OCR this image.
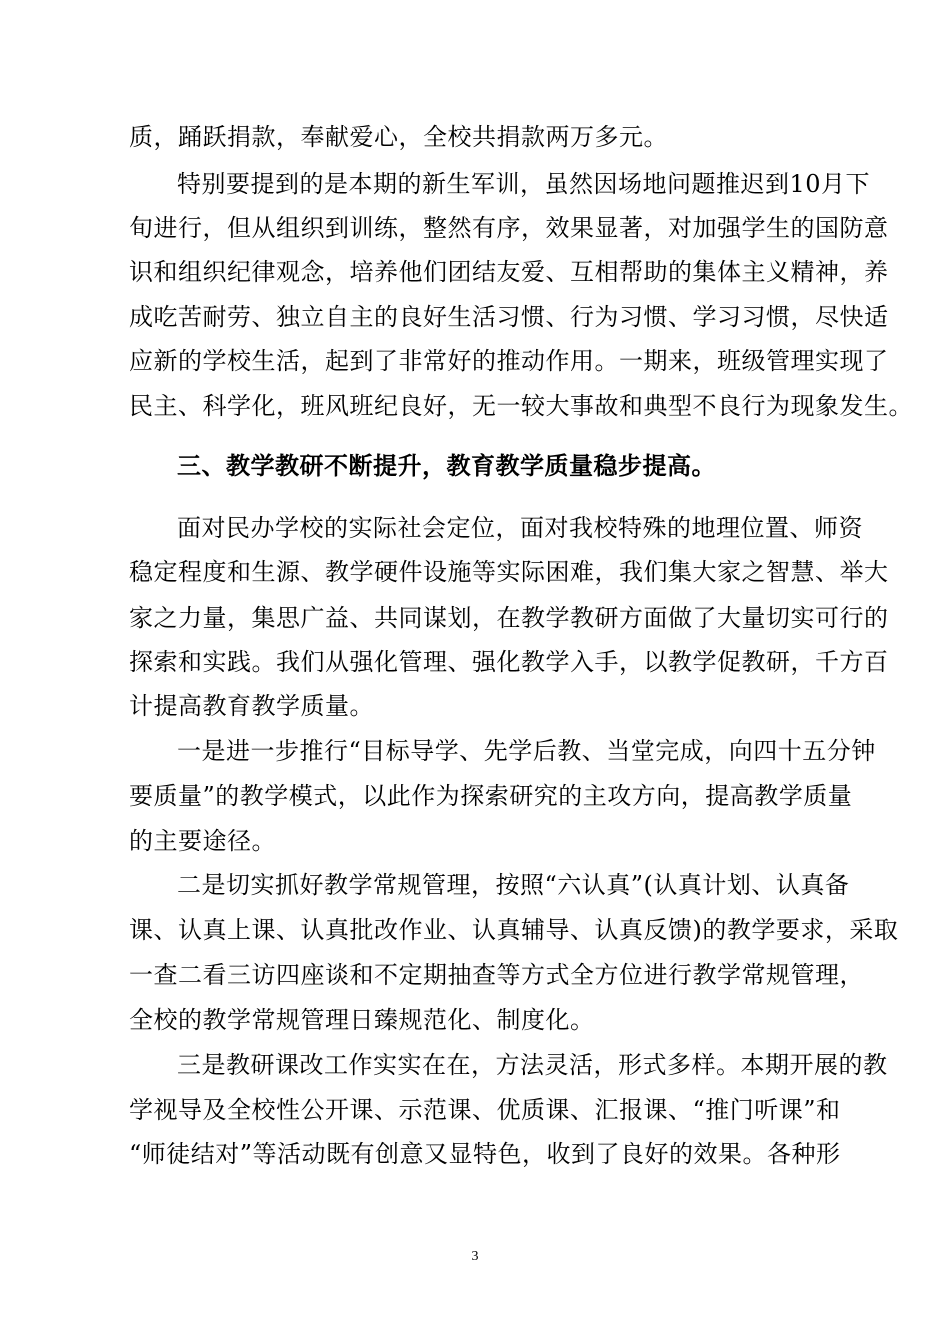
质，踊跃捐款，奉献爱心，全校共捐款两万多元。
特别要提到的是本期的新生军训，虽然因场地问题推迟到10月下
旬进行，但从组织到训练，整然有序，效果显著，对加强学生的国防意
识和组织纪律观念，培养他们团结友爱、互相帮助的集体主义精神，养
成吃苦耐劳、独立自主的良好生活习惯、行为习惯、学习习惯，尽快适
应新的学校生活，起到了非常好的推动作用。一期来，班级管理实现了
民主、科学化，班风班纪良好，无一较大事故和典型不良行为现象发生。
三、教学教研不断提升，教育教学质量稳步提高。
面对民办学校的实际社会定位，面对我校特殊的地理位置、师资
稳定程度和生源、教学硬件设施等实际困难，我们集大家之智慧、举大
家之力量，集思广益、共同谋划，在教学教研方面做了大量切实可行的
探索和实践。我们从强化管理、强化教学入手，以教学促教研，千方百
计提高教育教学质量。
一是进一步推行“目标导学、先学后教、当堂完成，向四十五分钟
要质量”的教学模式，以此作为探索研究的主攻方向，提高教学质量
的主要途径。
二是切实抓好教学常规管理，按照“六认真”(认真计划、认真备
课、认真上课、认真批改作业、认真辅导、认真反馈)的教学要求，采取
一查二看三访四座谈和不定期抽查等方式全方位进行教学常规管理，
全校的教学常规管理日臻规范化、制度化。
三是教研课改工作实实在在，方法灵活，形式多样。本期开展的教
学视导及全校性公开课、示范课、优质课、汇报课、“推门听课”和
“师徒结对”等活动既有创意又显特色，收到了良好的效果。各种形
3
